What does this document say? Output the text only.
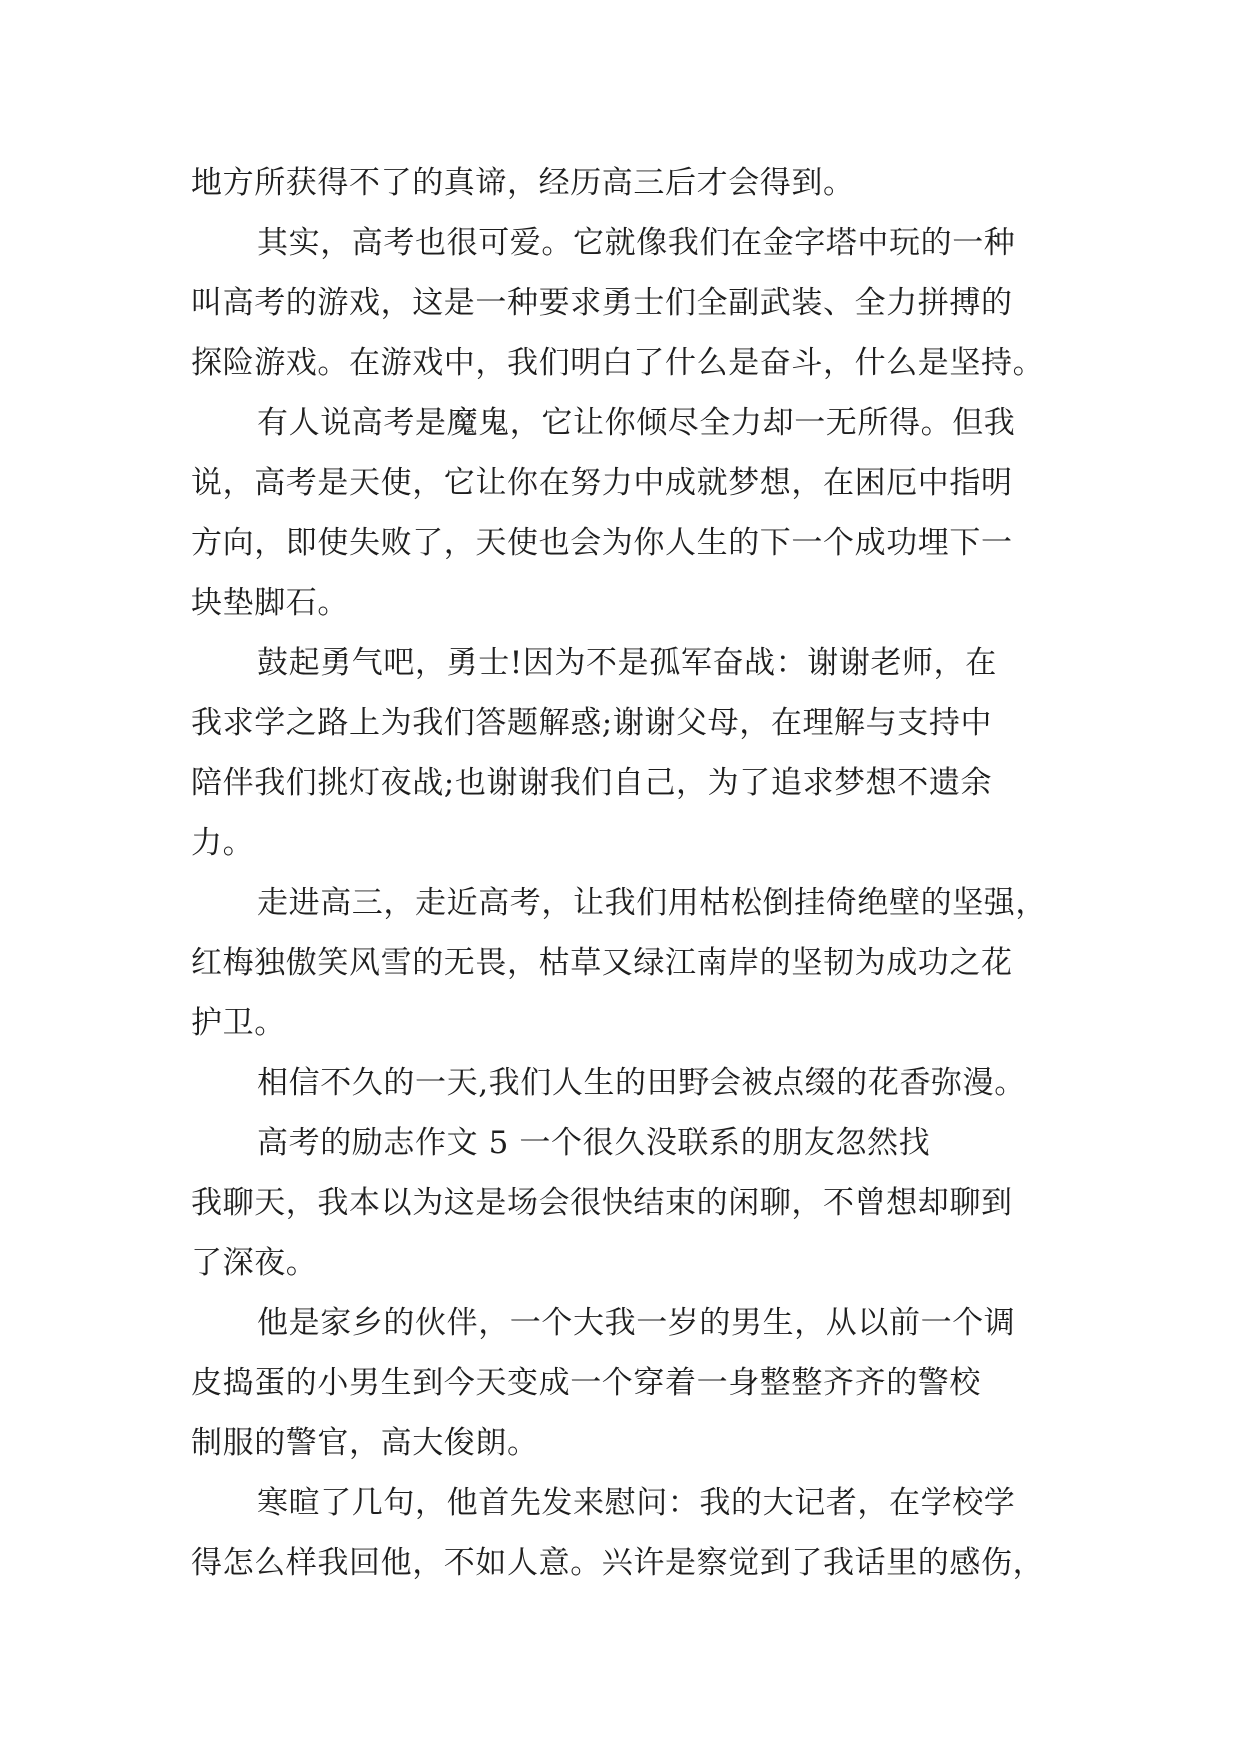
地方所获得不了的真谛，经历高三后才会得到。
其实，高考也很可爱。它就像我们在金字塔中玩的一种
叫高考的游戏，这是一种要求勇士们全副武装、全力拼搏的
探险游戏。在游戏中，我们明白了什么是奋斗，什么是坚持。
有人说高考是魔鬼，它让你倾尽全力却一无所得。但我
说，高考是天使，它让你在努力中成就梦想，在困厄中指明
方向，即使失败了，天使也会为你人生的下一个成功埋下一
块垫脚石。
鼓起勇气吧，勇士!因为不是孤军奋战：谢谢老师，在
我求学之路上为我们答题解惑;谢谢父母，在理解与支持中
陪伴我们挑灯夜战;也谢谢我们自己，为了追求梦想不遗余
力。
走进高三，走近高考，让我们用枯松倒挂倚绝壁的坚强，
红梅独傲笑风雪的无畏，枯草又绿江南岸的坚韧为成功之花
护卫。
相信不久的一天,我们人生的田野会被点缀的花香弥漫。
高考的励志作文 5 一个很久没联系的朋友忽然找
我聊天，我本以为这是场会很快结束的闲聊，不曾想却聊到
了深夜。
他是家乡的伙伴，一个大我一岁的男生，从以前一个调
皮捣蛋的小男生到今天变成一个穿着一身整整齐齐的警校
制服的警官，高大俊朗。
寒暄了几句，他首先发来慰问：我的大记者，在学校学
得怎么样我回他，不如人意。兴许是察觉到了我话里的感伤，
